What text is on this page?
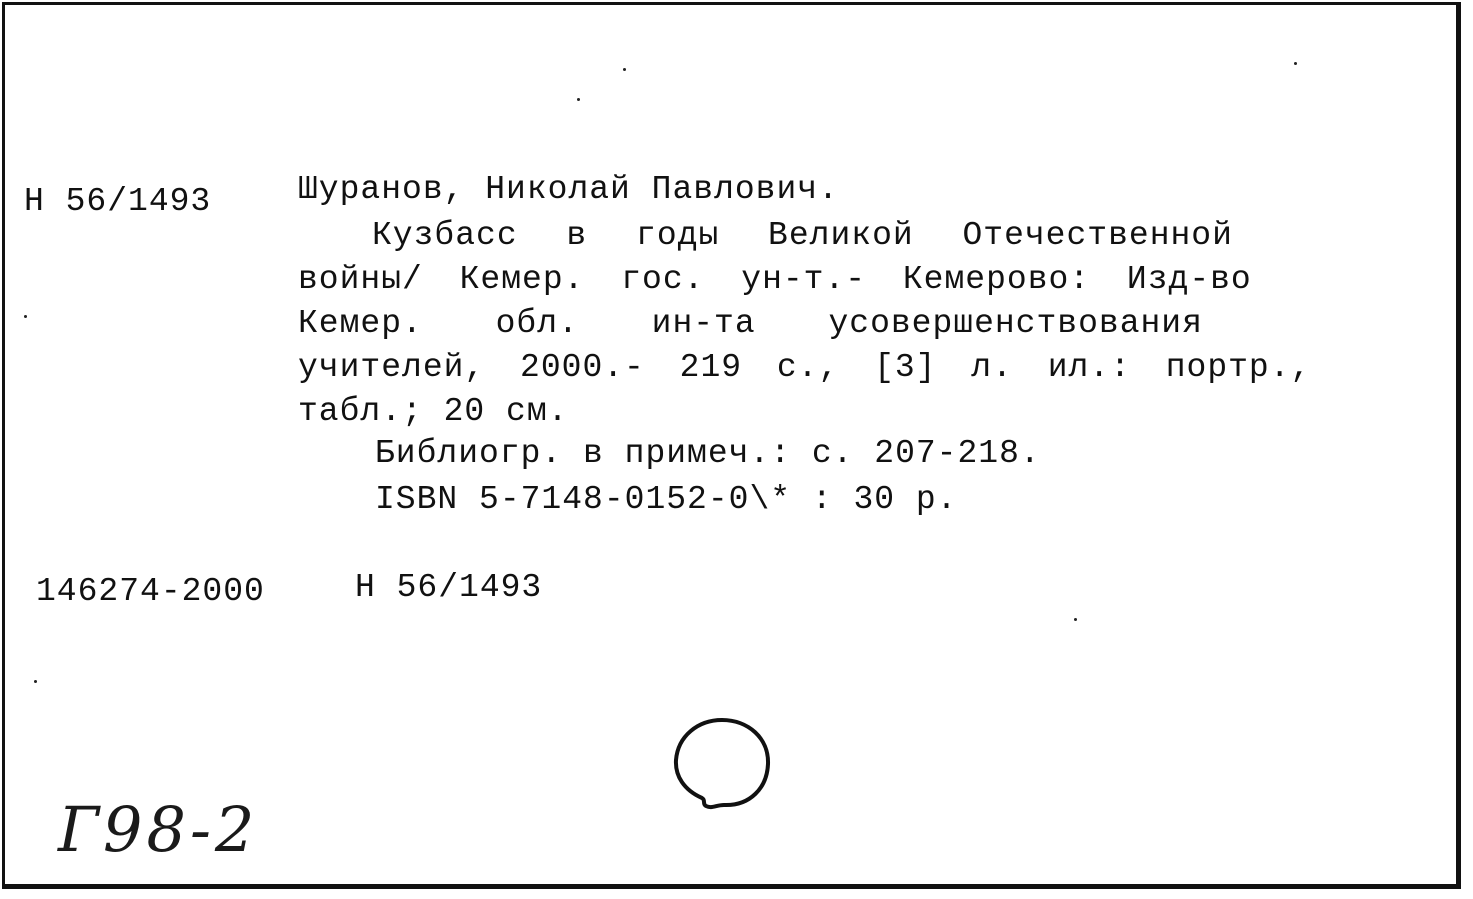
Н 56/1493	Шуранов, Николай Павлович.
Кузбасс в годы Великой Отечественной
войны/ Кемер. гос. ун-т.- Кемерово: Изд-во
Кемер. обл. ин-та усовершенствования
учителей, 2000.- 219 с., [3] л. ил.: портр.,
табл.; 20 см.
Библиогр. в примеч.: с. 207-218.
ISBN 5-7148-0152-0\* : 30 р.
146274-2000	Н 56/1493
Г98-2
